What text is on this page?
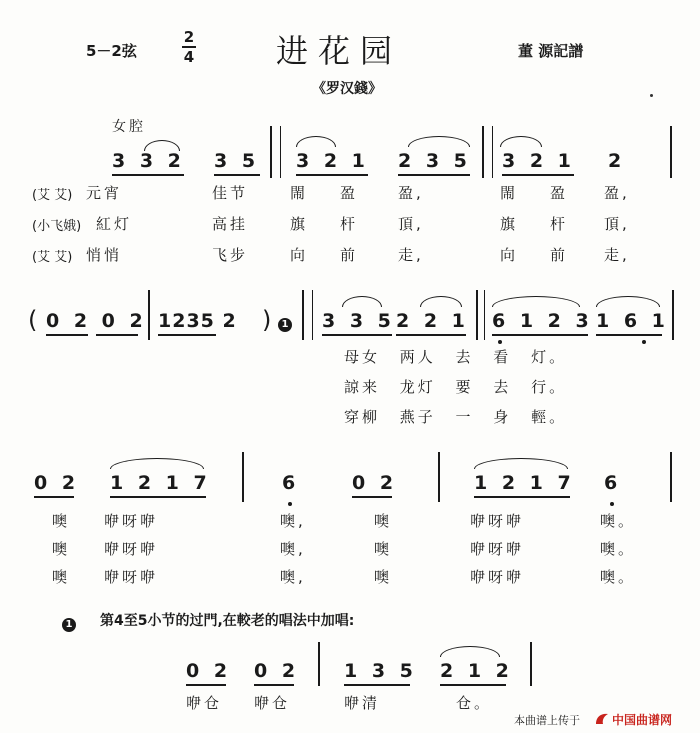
5－2弦
2
4	进花园	董 源記譜
《罗汉錢》
女腔
3 3 2 3 5 3 2 1 2 3 5 3 2 1 2
(艾 艾) 元宵	佳节	閙 盈	盈,	閙 盈 盈,
(小飞娥) 紅灯	高挂	旗 杆	頂,	旗 杆 頂,
(艾 艾) 悄悄	飞步	向 前	走,	向 前 走,
( 0 2 0 2 1235 2 ) 1 3 3 5 2 2 1 6 1 2 3 1 6 1
母女 两人 去 看 灯。
諒来 龙灯 要 去 行。
穿柳 燕子 一 身 輕。
0 2 1 2 1 7	6	0 2	1 2 1 7 6
噢 咿呀咿	噢,	噢	咿呀咿	噢。
噢 咿呀咿	噢,	噢	咿呀咿	噢。
噢 咿呀咿	噢,	噢	咿呀咿	噢。
1 第4至5小节的过門,在較老的唱法中加唱:
0 2 0 2 1 3 5 2 1 2
咿仓 咿仓	咿清	仓。
本曲谱上传于	中国曲谱网
